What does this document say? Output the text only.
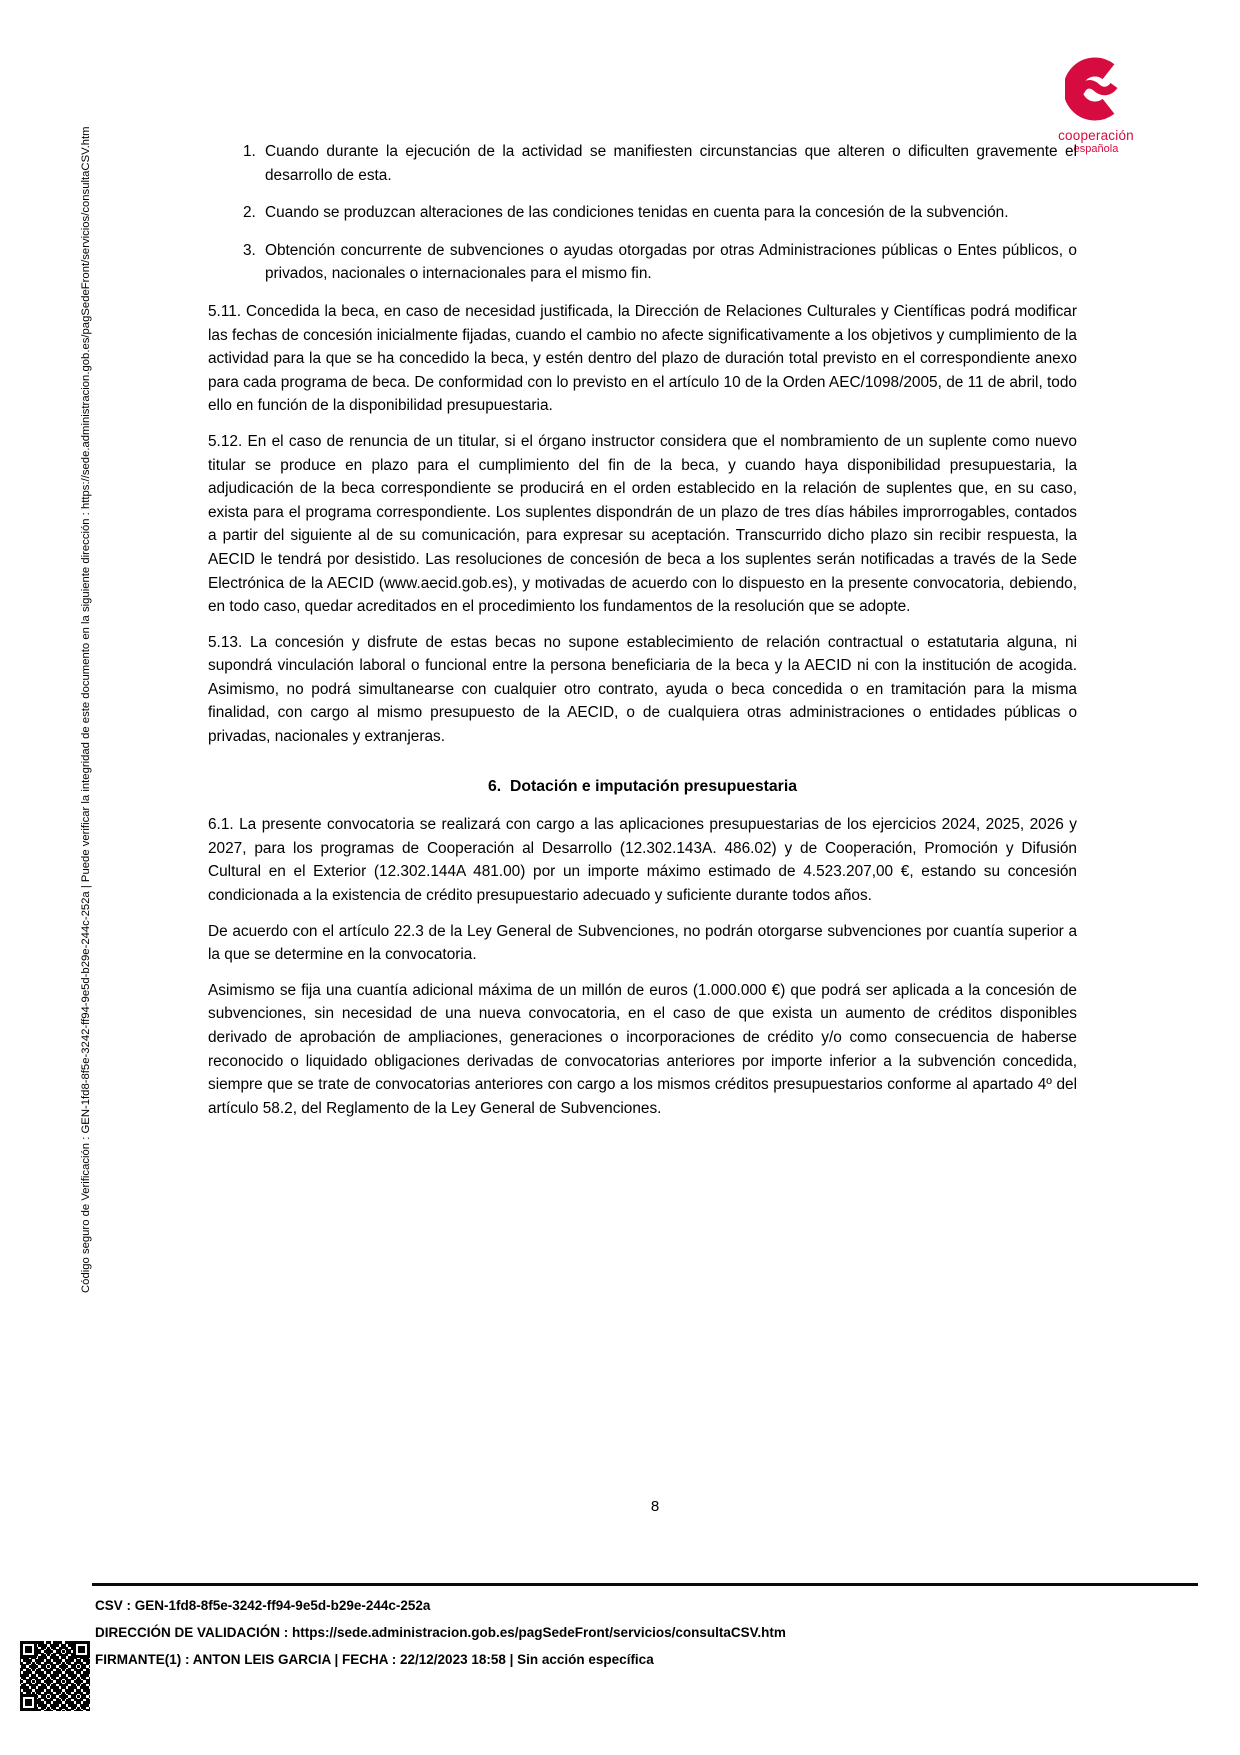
Código seguro de Verificación : GEN-1fd8-8f5e-3242-ff94-9e5d-b29e-244c-252a | Puede verificar la integridad de este documento en la siguiente dirección : https://sede.administracion.gob.es/pagSedeFront/servicios/consultaCSV.htm	cooperación
española
1. Cuando durante la ejecución de la actividad se manifiesten circunstancias que alteren o dificulten gravemente el desarrollo de esta.
2. Cuando se produzcan alteraciones de las condiciones tenidas en cuenta para la concesión de la subvención.
3. Obtención concurrente de subvenciones o ayudas otorgadas por otras Administraciones públicas o Entes públicos, o privados, nacionales o internacionales para el mismo fin.

5.11. Concedida la beca, en caso de necesidad justificada, la Dirección de Relaciones Culturales y Científicas podrá modificar las fechas de concesión inicialmente fijadas, cuando el cambio no afecte significativamente a los objetivos y cumplimiento de la actividad para la que se ha concedido la beca, y estén dentro del plazo de duración total previsto en el correspondiente anexo para cada programa de beca. De conformidad con lo previsto en el artículo 10 de la Orden AEC/1098/2005, de 11 de abril, todo ello en función de la disponibilidad presupuestaria.

5.12. En el caso de renuncia de un titular, si el órgano instructor considera que el nombramiento de un suplente como nuevo titular se produce en plazo para el cumplimiento del fin de la beca, y cuando haya disponibilidad presupuestaria, la adjudicación de la beca correspondiente se producirá en el orden establecido en la relación de suplentes que, en su caso, exista para el programa correspondiente. Los suplentes dispondrán de un plazo de tres días hábiles improrrogables, contados a partir del siguiente al de su comunicación, para expresar su aceptación. Transcurrido dicho plazo sin recibir respuesta, la AECID le tendrá por desistido. Las resoluciones de concesión de beca a los suplentes serán notificadas a través de la Sede Electrónica de la AECID (www.aecid.gob.es), y motivadas de acuerdo con lo dispuesto en la presente convocatoria, debiendo, en todo caso, quedar acreditados en el procedimiento los fundamentos de la resolución que se adopte.

5.13. La concesión y disfrute de estas becas no supone establecimiento de relación contractual o estatutaria alguna, ni supondrá vinculación laboral o funcional entre la persona beneficiaria de la beca y la AECID ni con la institución de acogida. Asimismo, no podrá simultanearse con cualquier otro contrato, ayuda o beca concedida o en tramitación para la misma finalidad, con cargo al mismo presupuesto de la AECID, o de cualquiera otras administraciones o entidades públicas o privadas, nacionales y extranjeras.

6.  Dotación e imputación presupuestaria

6.1. La presente convocatoria se realizará con cargo a las aplicaciones presupuestarias de los ejercicios 2024, 2025, 2026 y 2027, para los programas de Cooperación al Desarrollo (12.302.143A. 486.02) y de Cooperación, Promoción y Difusión Cultural en el Exterior (12.302.144A 481.00) por un importe máximo estimado de 4.523.207,00 €, estando su concesión condicionada a la existencia de crédito presupuestario adecuado y suficiente durante todos años.

De acuerdo con el artículo 22.3 de la Ley General de Subvenciones, no podrán otorgarse subvenciones por cuantía superior a la que se determine en la convocatoria.

Asimismo se fija una cuantía adicional máxima de un millón de euros (1.000.000 €) que podrá ser aplicada a la concesión de subvenciones, sin necesidad de una nueva convocatoria, en el caso de que exista un aumento de créditos disponibles derivado de aprobación de ampliaciones, generaciones o incorporaciones de crédito y/o como consecuencia de haberse reconocido o liquidado obligaciones derivadas de convocatorias anteriores por importe inferior a la subvención concedida, siempre que se trate de convocatorias anteriores con cargo a los mismos créditos presupuestarios conforme al apartado 4º del artículo 58.2, del Reglamento de la Ley General de Subvenciones.

8
CSV : GEN-1fd8-8f5e-3242-ff94-9e5d-b29e-244c-252a
DIRECCIÓN DE VALIDACIÓN : https://sede.administracion.gob.es/pagSedeFront/servicios/consultaCSV.htm
FIRMANTE(1) : ANTON LEIS GARCIA | FECHA : 22/12/2023 18:58 | Sin acción específica
